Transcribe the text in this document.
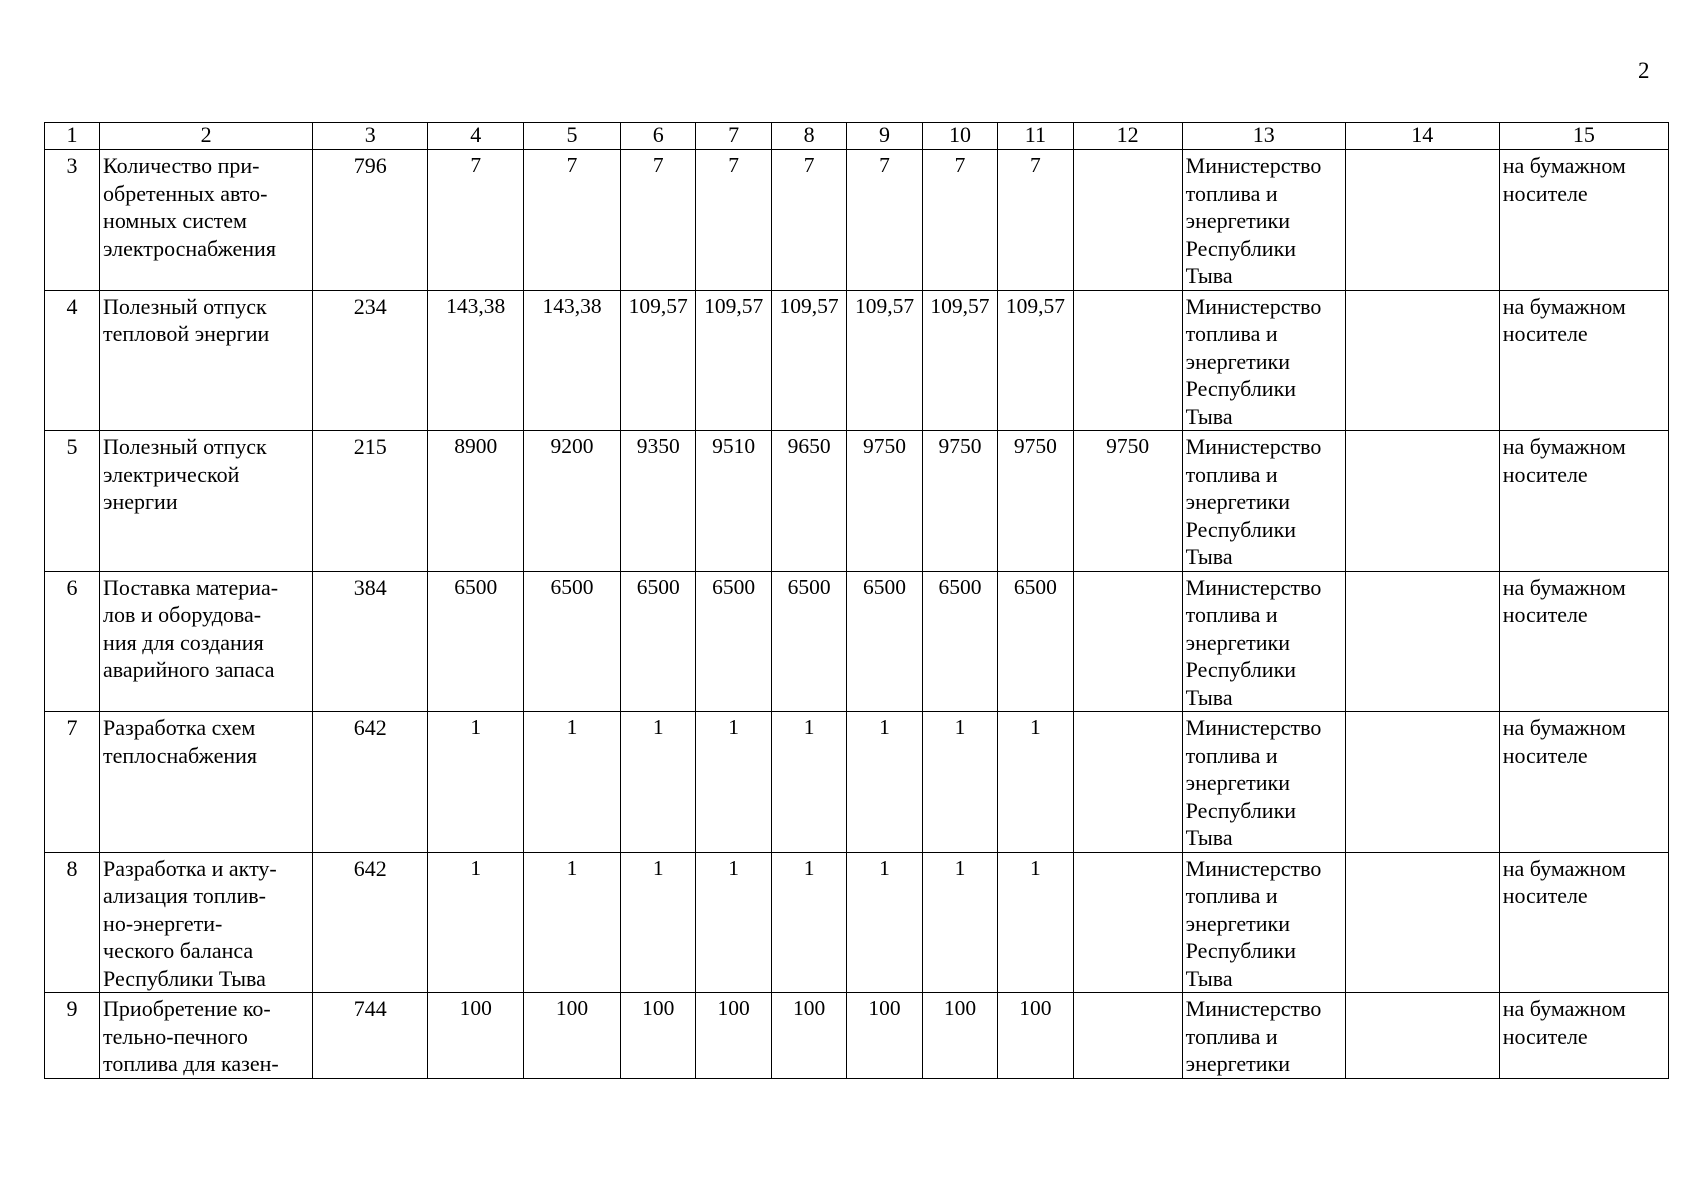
2
1	2	3	4	5	6	7	8	9	10	11	12	13	14	15
3	Количество при-
обретенных авто-
номных систем
электроснабжения	796	7	7	7	7	7	7	7	7		Министерство
топлива и
энергетики
Республики
Тыва		на бумажном
носителе
4	Полезный отпуск
тепловой энергии	234	143,38	143,38	109,57	109,57	109,57	109,57	109,57	109,57		Министерство
топлива и
энергетики
Республики
Тыва		на бумажном
носителе
5	Полезный отпуск
электрической
энергии	215	8900	9200	9350	9510	9650	9750	9750	9750	9750	Министерство
топлива и
энергетики
Республики
Тыва		на бумажном
носителе
6	Поставка материа-
лов и оборудова-
ния для создания
аварийного запаса	384	6500	6500	6500	6500	6500	6500	6500	6500		Министерство
топлива и
энергетики
Республики
Тыва		на бумажном
носителе
7	Разработка схем
теплоснабжения	642	1	1	1	1	1	1	1	1		Министерство
топлива и
энергетики
Республики
Тыва		на бумажном
носителе
8	Разработка и акту-
ализация топлив-
но-энергети-
ческого баланса
Республики Тыва	642	1	1	1	1	1	1	1	1		Министерство
топлива и
энергетики
Республики
Тыва		на бумажном
носителе
9	Приобретение ко-
тельно-печного
топлива для казен-	744	100	100	100	100	100	100	100	100		Министерство
топлива и
энергетики		на бумажном
носителе
